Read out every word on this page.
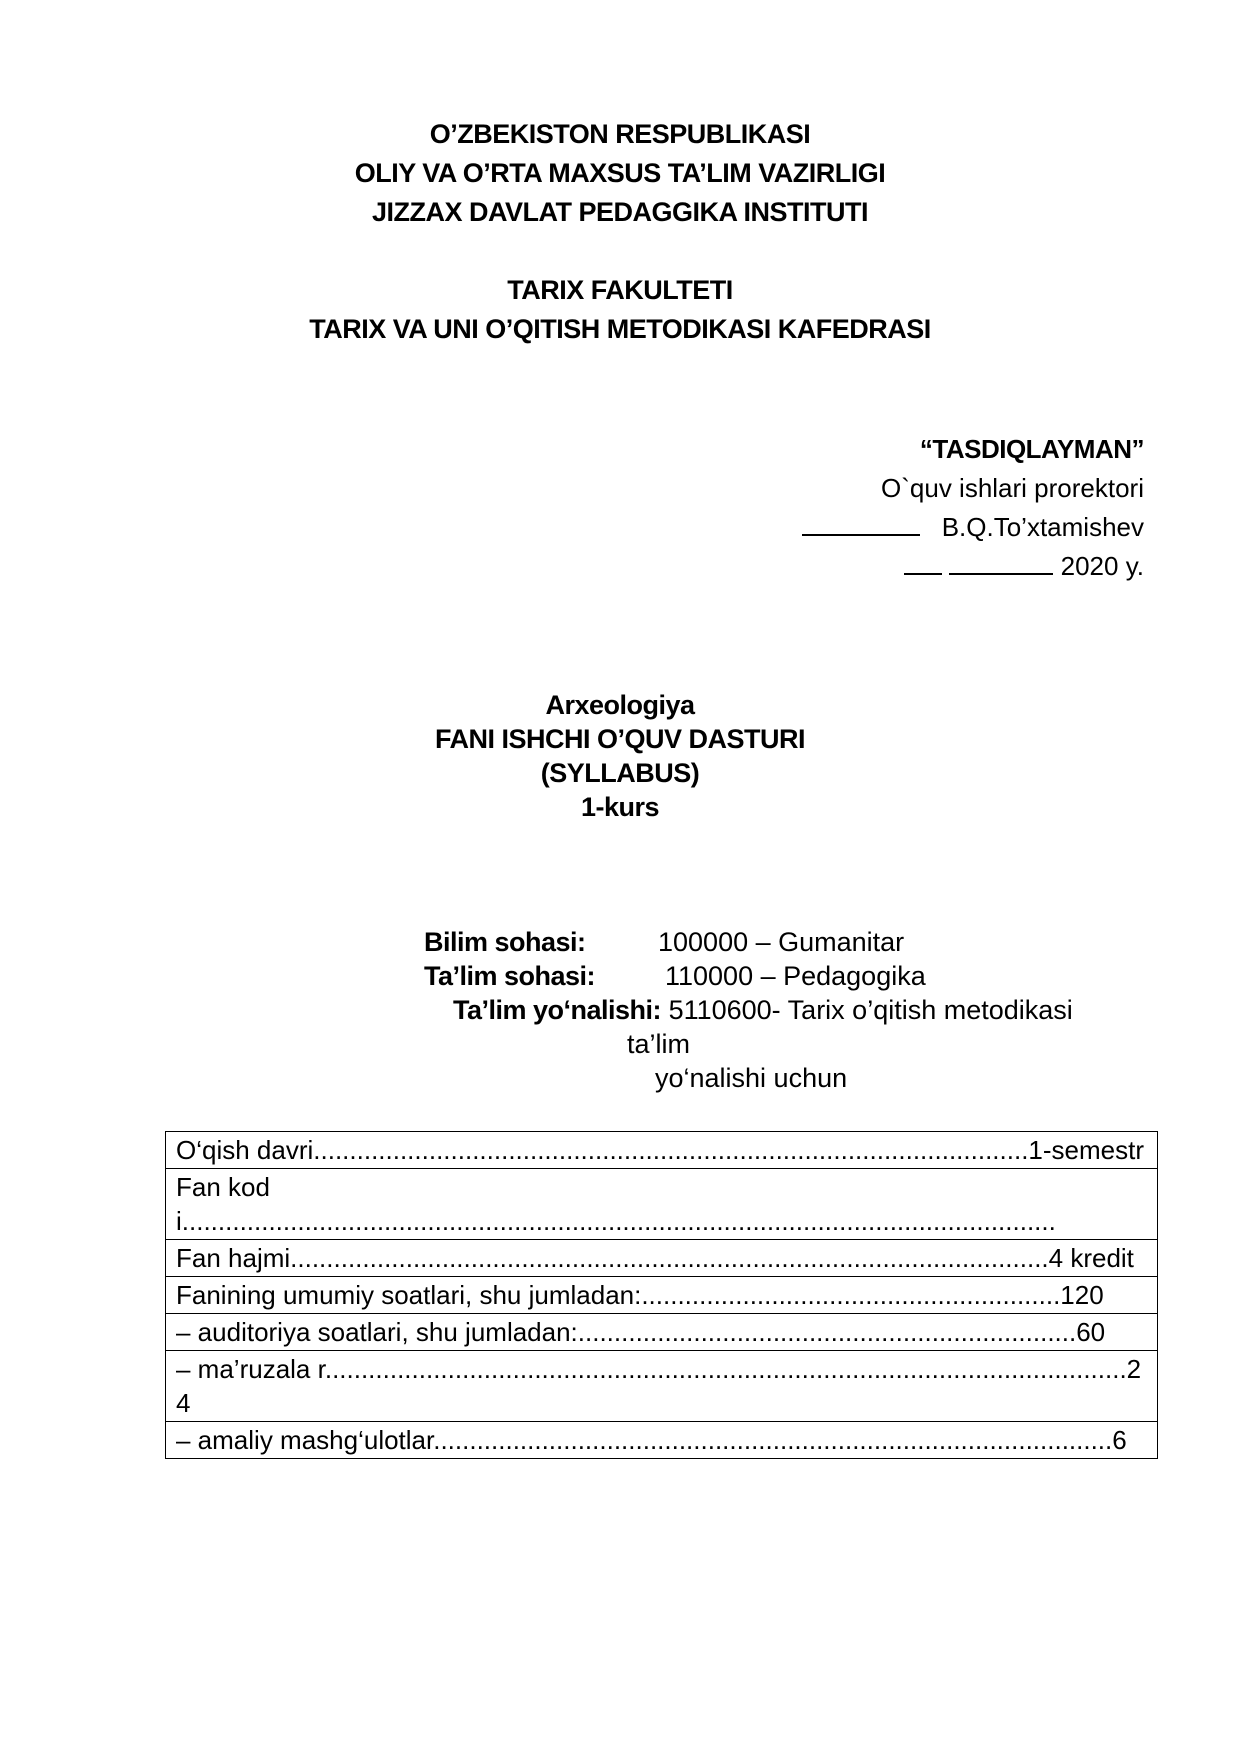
O’ZBEKISTON RESPUBLIKASI
OLIY VA O’RTA MAXSUS TA’LIM VAZIRLIGI
JIZZAX DAVLAT PEDAGGIKA INSTITUTI
TARIX FAKULTETI
TARIX VA UNI O’QITISH METODIKASI KAFEDRASI
“TASDIQLAYMAN”
O`quv ishlari prorektori
B.Q.To’xtamishev
2020 y.
Arxeologiya
FANI ISHCHI O’QUV DASTURI
(SYLLABUS)
1-kurs
Bilim sohasi:	100000 – Gumanitar
Ta’lim sohasi:	110000 – Pedagogika
Ta’lim yo‘nalishi: 5110600- Tarix o’qitish metodikasi
ta’lim
yo‘nalishi uchun
O‘qish davri...................................................................................................1-semestr
Fan kodi.........................................................................................................................
Fan hajmi.........................................................................................................4 kredit
Fanining umumiy soatlari, shu jumladan:..........................................................120
– auditoriya soatlari, shu jumladan:.....................................................................60
– ma’ruzala r...............................................................................................................24
– amaliy mashg‘ulotlar..............................................................................................6
